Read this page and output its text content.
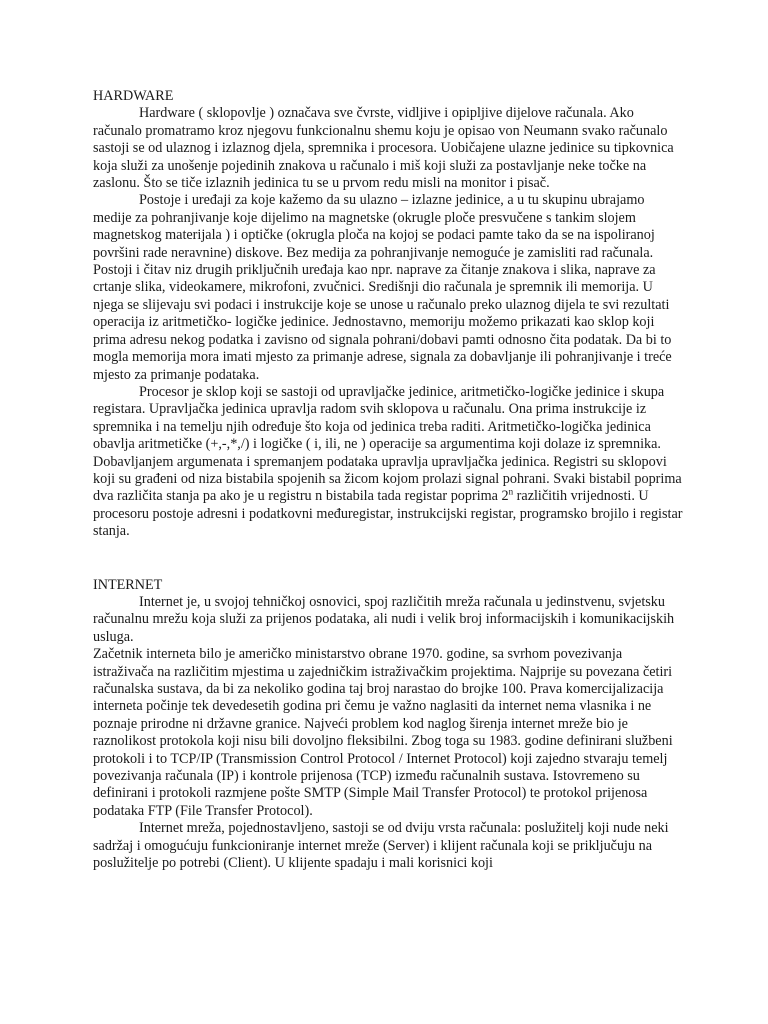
HARDWARE

Hardware ( sklopovlje ) označava sve čvrste, vidljive i opipljive dijelove računala. Ako računalo promatramo kroz njegovu funkcionalnu shemu koju je opisao von Neumann svako računalo sastoji se od ulaznog i izlaznog djela, spremnika i procesora. Uobičajene ulazne jedinice su tipkovnica koja služi za unošenje pojedinih znakova u računalo i miš koji služi za postavljanje neke točke na zaslonu. Što se tiče izlaznih jedinica tu se u prvom redu misli na monitor i pisač.

Postoje i uređaji za koje kažemo da su ulazno – izlazne jedinice, a u tu skupinu ubrajamo medije za pohranjivanje koje dijelimo na magnetske (okrugle ploče presvučene s tankim slojem magnetskog materijala ) i optičke (okrugla ploča na kojoj se podaci pamte tako da se na ispoliranoj površini rade neravnine) diskove. Bez medija za pohranjivanje nemoguće je zamisliti rad računala. Postoji i čitav niz drugih priključnih uređaja kao npr. naprave za čitanje znakova i slika, naprave za crtanje slika, videokamere, mikrofoni, zvučnici. Središnji dio računala je spremnik ili memorija. U njega se slijevaju svi podaci i instrukcije koje se unose u računalo preko ulaznog dijela te svi rezultati operacija iz aritmetičko- logičke jedinice. Jednostavno, memoriju možemo prikazati kao sklop koji prima adresu nekog podatka i zavisno od signala pohrani/dobavi pamti odnosno čita podatak. Da bi to mogla memorija mora imati mjesto za primanje adrese, signala za dobavljanje ili pohranjivanje i treće mjesto za primanje podataka.

Procesor je sklop koji se sastoji od upravljačke jedinice, aritmetičko-logičke jedinice i skupa registara. Upravljačka jedinica upravlja radom svih sklopova u računalu. Ona prima instrukcije iz spremnika i na temelju njih određuje što koja od jedinica treba raditi. Aritmetičko-logička jedinica obavlja aritmetičke (+,-,*,/) i logičke ( i, ili, ne ) operacije sa argumentima koji dolaze iz spremnika. Dobavljanjem argumenata i spremanjem podataka upravlja upravljačka jedinica. Registri su sklopovi koji su građeni od niza bistabila spojenih sa žicom kojom prolazi signal pohrani. Svaki bistabil poprima dva različita stanja pa ako je u registru n bistabila tada registar poprima 2$^n$ različitih vrijednosti. U procesoru postoje adresni i podatkovni međuregistar, instrukcijski registar, programsko brojilo i registar stanja.

INTERNET

Internet je, u svojoj tehničkoj osnovici, spoj različitih mreža računala u jedinstvenu, svjetsku računalnu mrežu koja služi za prijenos podataka, ali nudi i velik broj informacijskih i komunikacijskih usluga.

Začetnik interneta bilo je američko ministarstvo obrane 1970. godine, sa svrhom povezivanja istraživača na različitim mjestima u zajedničkim istraživačkim projektima. Najprije su povezana četiri računalska sustava, da bi za nekoliko godina taj broj narastao do brojke 100. Prava komercijalizacija interneta počinje tek devedesetih godina pri čemu je važno naglasiti da internet nema vlasnika i ne poznaje prirodne ni državne granice. Najveći problem kod naglog širenja internet mreže bio je raznolikost protokola koji nisu bili dovoljno fleksibilni. Zbog toga su 1983. godine definirani službeni protokoli i to TCP/IP (Transmission Control Protocol / Internet Protocol) koji zajedno stvaraju temelj povezivanja računala (IP) i kontrole prijenosa (TCP) između računalnih sustava. Istovremeno su definirani i protokoli razmjene pošte SMTP (Simple Mail Transfer Protocol) te protokol prijenosa podataka FTP (File Transfer Protocol).

Internet mreža, pojednostavljeno, sastoji se od dviju vrsta računala: poslužitelj koji nude neki sadržaj i omogućuju funkcioniranje internet mreže (Server) i klijent računala koji se priključuju na poslužitelje po potrebi (Client). U klijente spadaju i mali korisnici koji
